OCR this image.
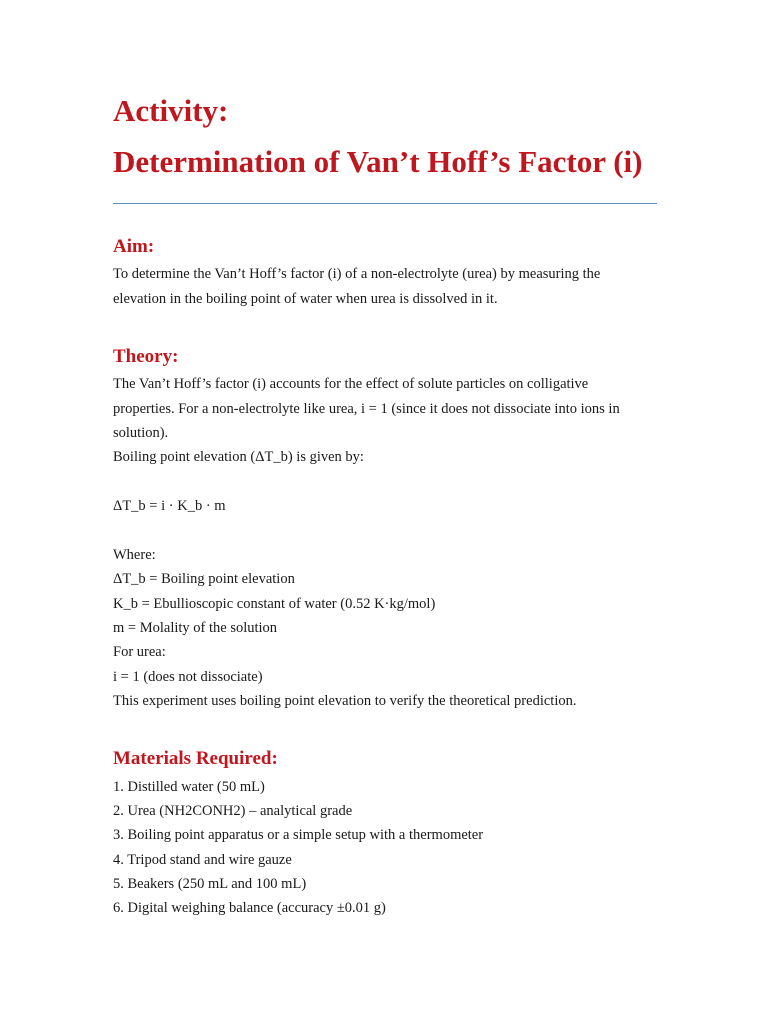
Activity:
Determination of Van’t Hoff’s Factor (i)
Aim:
To determine the Van’t Hoff’s factor (i) of a non-electrolyte (urea) by measuring the
elevation in the boiling point of water when urea is dissolved in it.
Theory:
The Van’t Hoff’s factor (i) accounts for the effect of solute particles on colligative
properties. For a non-electrolyte like urea, i = 1 (since it does not dissociate into ions in
solution).
Boiling point elevation (ΔT_b) is given by:
ΔT_b = i · K_b · m
Where:
ΔT_b = Boiling point elevation
K_b = Ebullioscopic constant of water (0.52 K·kg/mol)
m = Molality of the solution
For urea:
i = 1 (does not dissociate)
This experiment uses boiling point elevation to verify the theoretical prediction.
Materials Required:
1. Distilled water (50 mL)
2. Urea (NH2CONH2) – analytical grade
3. Boiling point apparatus or a simple setup with a thermometer
4. Tripod stand and wire gauze
5. Beakers (250 mL and 100 mL)
6. Digital weighing balance (accuracy ±0.01 g)
